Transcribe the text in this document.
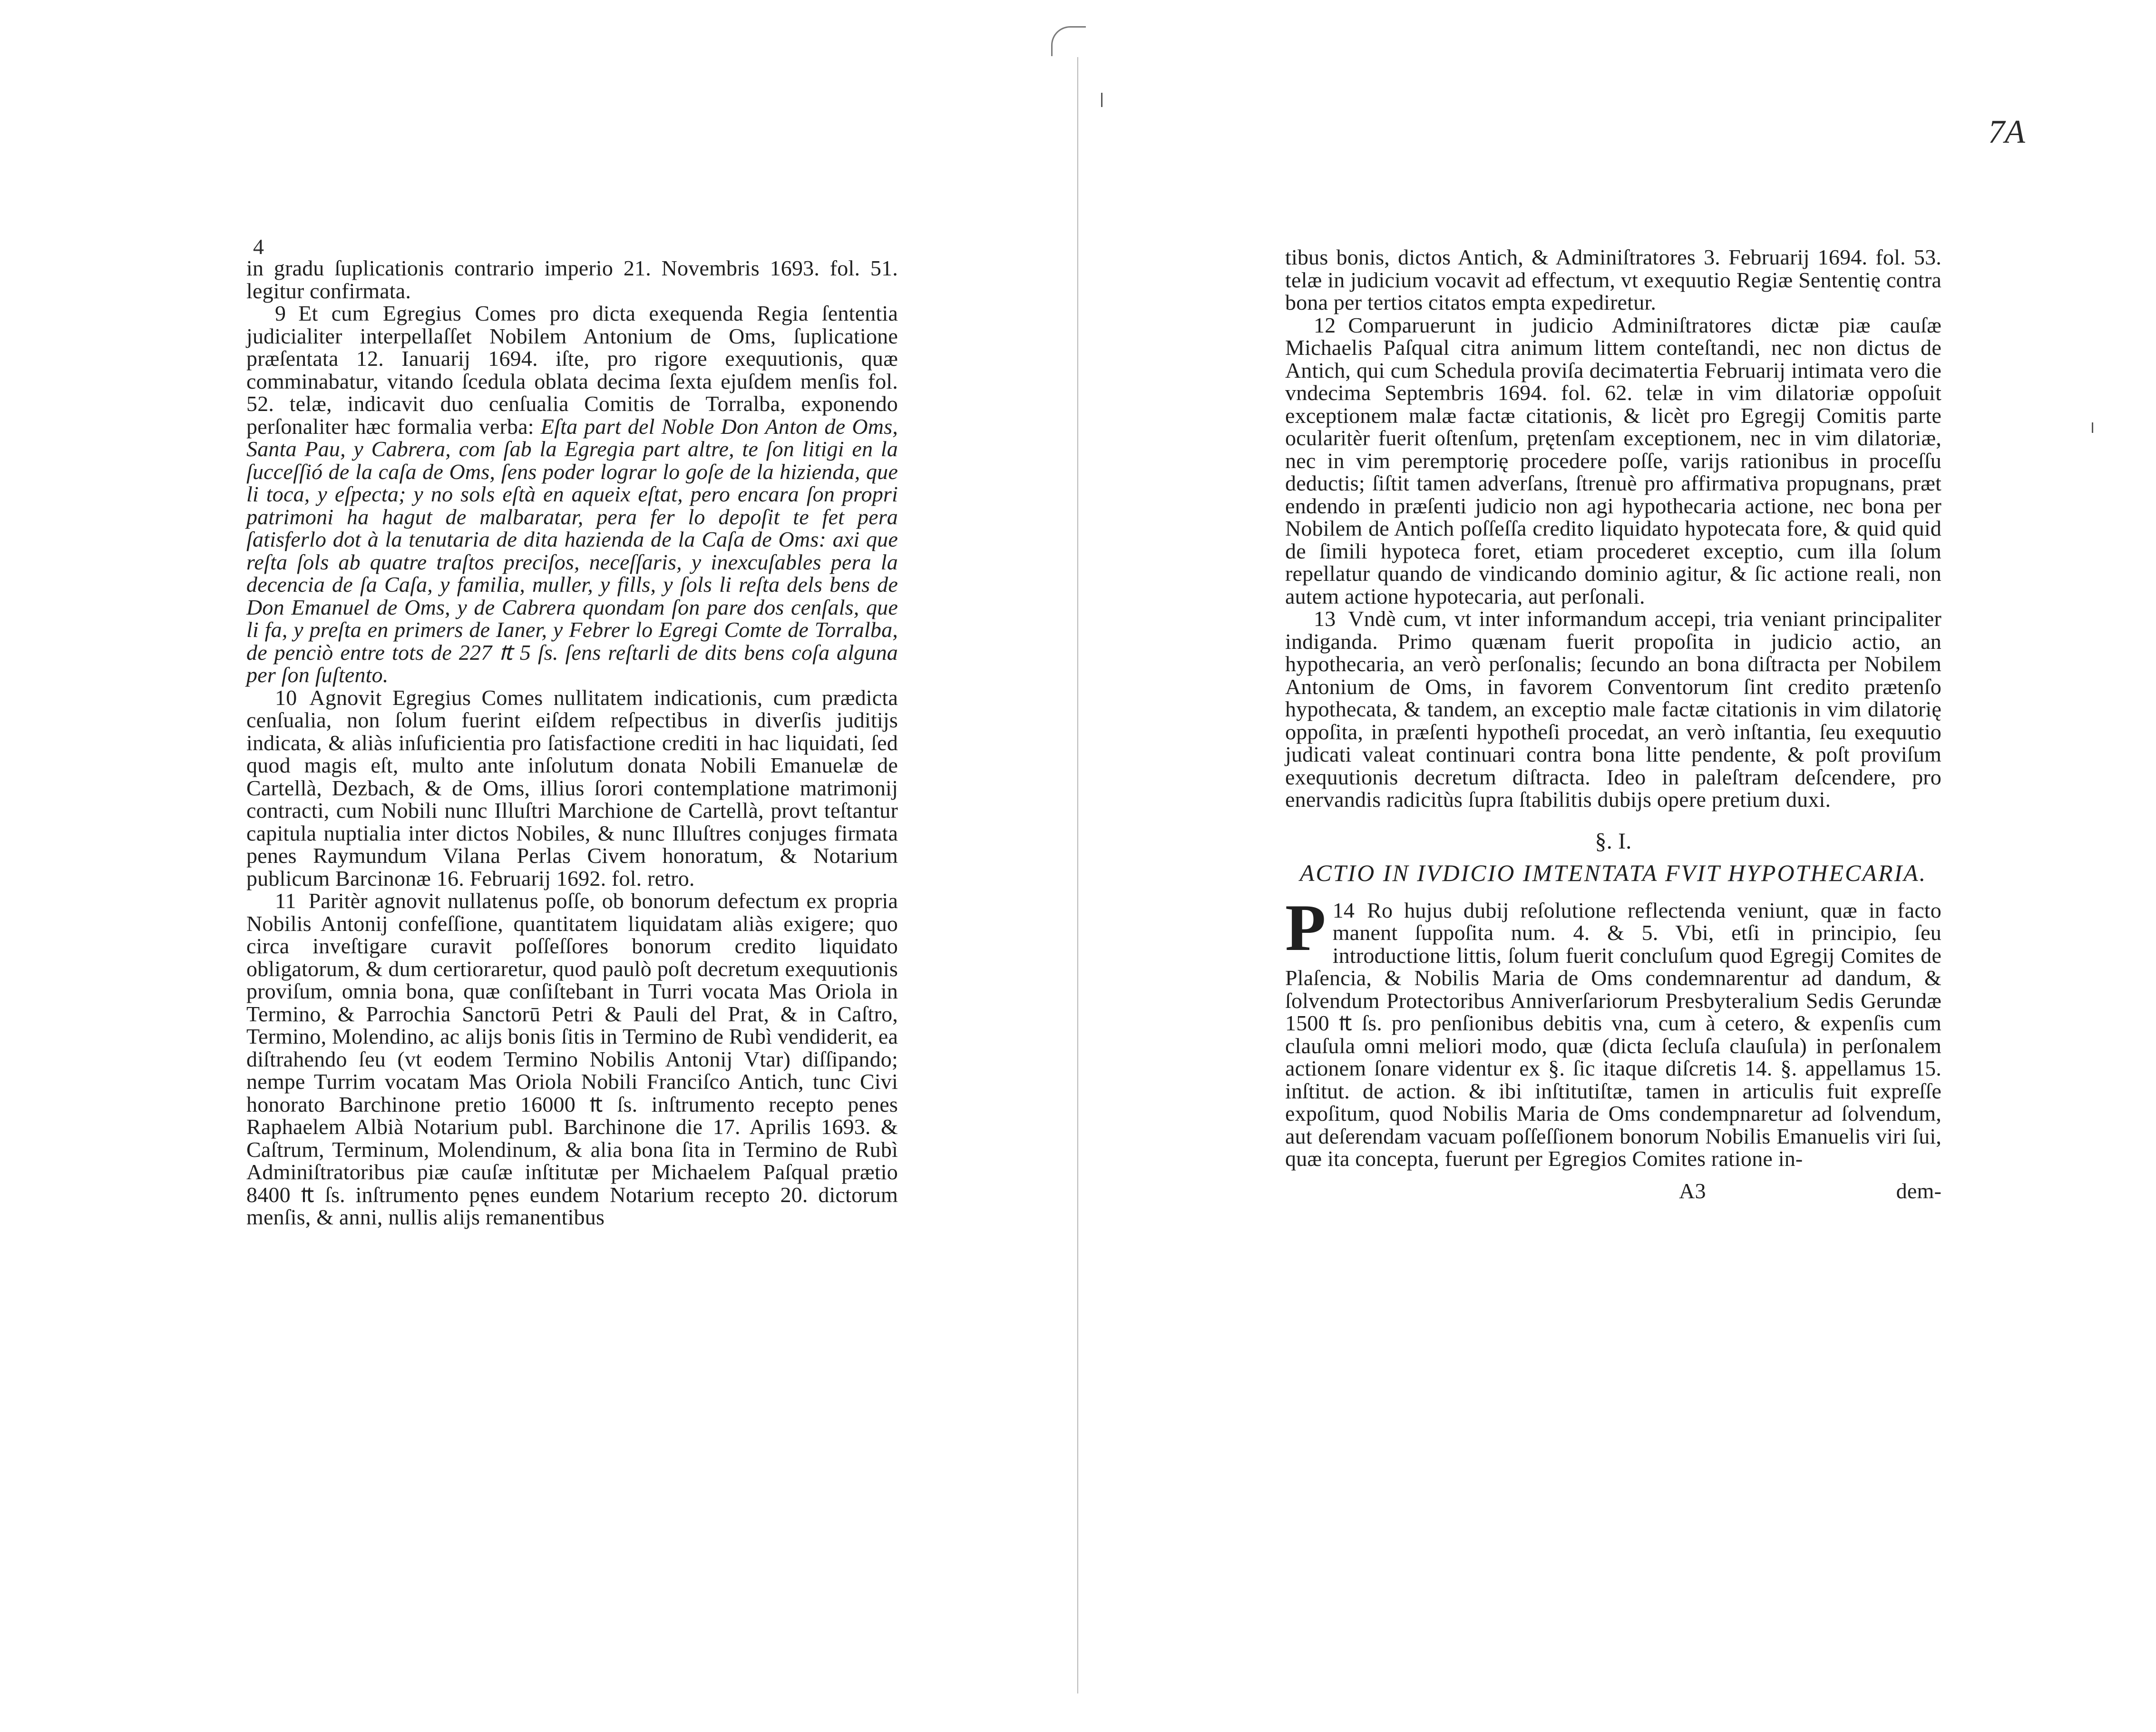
7A
4

in gradu ſuplicationis contrario imperio 21. Novembris 1693. fol. 51. legitur confirmata.

9 Et cum Egregius Comes pro dicta exequenda Regia ſententia judicialiter interpellaſſet Nobilem Antonium de Oms, ſuplicatione præſentata 12. Ianuarij 1694. iſte, pro rigore exequutionis, quæ comminabatur, vitando ſcedula oblata decima ſexta ejuſdem menſis fol. 52. telæ, indicavit duo cenſualia Comitis de Torralba, exponendo perſonaliter hæc formalia verba: Eſta part del Noble Don Anton de Oms, Santa Pau, y Cabrera, com ſab la Egregia part altre, te ſon litigi en la ſucceſſió de la caſa de Oms, ſens poder lograr lo goſe de la hizienda, que li toca, y eſpecta; y no sols eſtà en aqueix eſtat, pero encara ſon propri patrimoni ha hagut de malbaratar, pera fer lo depoſit te fet pera ſatisferlo dot à la tenutaria de dita hazienda de la Caſa de Oms: axi que reſta ſols ab quatre traſtos preciſos, neceſſaris, y inexcuſables pera la decencia de ſa Caſa, y familia, muller, y fills, y ſols li reſta dels bens de Don Emanuel de Oms, y de Cabrera quondam ſon pare dos cenſals, que li fa, y preſta en primers de Ianer, y Febrer lo Egregi Comte de Torralba, de penciò entre tots de 227 ₶ 5 ſs. ſens reſtarli de dits bens coſa alguna per ſon ſuſtento.

10 Agnovit Egregius Comes nullitatem indicationis, cum prædicta cenſualia, non ſolum fuerint eiſdem reſpectibus in diverſis juditijs indicata, & aliàs inſuficientia pro ſatisfactione crediti in hac liquidati, ſed quod magis eſt, multo ante inſolutum donata Nobili Emanuelæ de Cartellà, Dezbach, & de Oms, illius ſorori contemplatione matrimonij contracti, cum Nobili nunc Illuſtri Marchione de Cartellà, provt teſtantur capitula nuptialia inter dictos Nobiles, & nunc Illuſtres conjuges firmata penes Raymundum Vilana Perlas Civem honoratum, & Notarium publicum Barcinonæ 16. Februarij 1692. fol. retro.

11 Paritèr agnovit nullatenus poſſe, ob bonorum defectum ex propria Nobilis Antonij confeſſione, quantitatem liquidatam aliàs exigere; quo circa inveſtigare curavit poſſeſſores bonorum credito liquidato obligatorum, & dum certioraretur, quod paulò poſt decretum exequutionis proviſum, omnia bona, quæ conſiſtebant in Turri vocata Mas Oriola in Termino, & Parrochia Sanctorū Petri & Pauli del Prat, & in Caſtro, Termino, Molendino, ac alijs bonis ſitis in Termino de Rubì vendiderit, ea diſtrahendo ſeu (vt eodem Termino Nobilis Antonij Vtar) diſſipando; nempe Turrim vocatam Mas Oriola Nobili Franciſco Antich, tunc Civi honorato Barchinone pretio 16000 ₶ ſs. inſtrumento recepto penes Raphaelem Albià Notarium publ. Barchinone die 17. Aprilis 1693. & Caſtrum, Terminum, Molendinum, & alia bona ſita in Termino de Rubì Adminiſtratoribus piæ cauſæ inſtitutæ per Michaelem Paſqual prætio 8400 ₶ ſs. inſtrumento pęnes eundem Notarium recepto 20. dictorum menſis, & anni, nullis alijs remanentibus

tibus bonis, dictos Antich, & Adminiſtratores 3. Februarij 1694. fol. 53. telæ in judicium vocavit ad effectum, vt exequutio Regiæ Sententię contra bona per tertios citatos empta expediretur.

12 Comparuerunt in judicio Adminiſtratores dictæ piæ cauſæ Michaelis Paſqual citra animum littem conteſtandi, nec non dictus de Antich, qui cum Schedula proviſa decimatertia Februarij intimata vero die vndecima Septembris 1694. fol. 62. telæ in vim dilatoriæ oppoſuit exceptionem malæ factæ citationis, & licèt pro Egregij Comitis parte ocularitèr fuerit oſtenſum, prętenſam exceptionem, nec in vim dilatoriæ, nec in vim peremptorię procedere poſſe, varijs rationibus in proceſſu deductis; ſiſtit tamen adverſans, ſtrenuè pro affirmativa propugnans, præt endendo in præſenti judicio non agi hypothecaria actione, nec bona per Nobilem de Antich poſſeſſa credito liquidato hypotecata fore, & quid quid de ſimili hypoteca foret, etiam procederet exceptio, cum illa ſolum repellatur quando de vindicando dominio agitur, & ſic actione reali, non autem actione hypotecaria, aut perſonali.

13 Vndè cum, vt inter informandum accepi, tria veniant principaliter indiganda. Primo quænam fuerit propoſita in judicio actio, an hypothecaria, an verò perſonalis; ſecundo an bona diſtracta per Nobilem Antonium de Oms, in favorem Conventorum ſint credito prætenſo hypothecata, & tandem, an exceptio male factæ citationis in vim dilatorię oppoſita, in præſenti hypotheſi procedat, an verò inſtantia, ſeu exequutio judicati valeat continuari contra bona litte pendente, & poſt proviſum exequutionis decretum diſtracta. Ideo in paleſtram deſcendere, pro enervandis radicitùs ſupra ſtabilitis dubijs opere pretium duxi.

§. I.

ACTIO IN IVDICIO IMTENTATA FVIT HYPOTHECARIA.

14
P Ro hujus dubij reſolutione reflectenda veniunt, quæ in facto manent ſuppoſita num. 4. & 5. Vbi, etſi in principio, ſeu introductione littis, ſolum fuerit concluſum quod Egregij Comites de Plaſencia, & Nobilis Maria de Oms condemnarentur ad dandum, & ſolvendum Protectoribus Anniverſariorum Presbyteralium Sedis Gerundæ 1500 ₶ ſs. pro penſionibus debitis vna, cum à cetero, & expenſis cum clauſula omni meliori modo, quæ (dicta ſecluſa clauſula) in perſonalem actionem ſonare videntur ex §. ſic itaque diſcretis 14. §. appellamus 15. inſtitut. de action. & ibi inſtitutiſtæ, tamen in articulis fuit expreſſe expoſitum, quod Nobilis Maria de Oms condempnaretur ad ſolvendum, aut deſerendam vacuam poſſeſſionem bonorum Nobilis Emanuelis viri ſui, quæ ita concepta, fuerunt per Egregios Comites ratione in-

A3	dem-
